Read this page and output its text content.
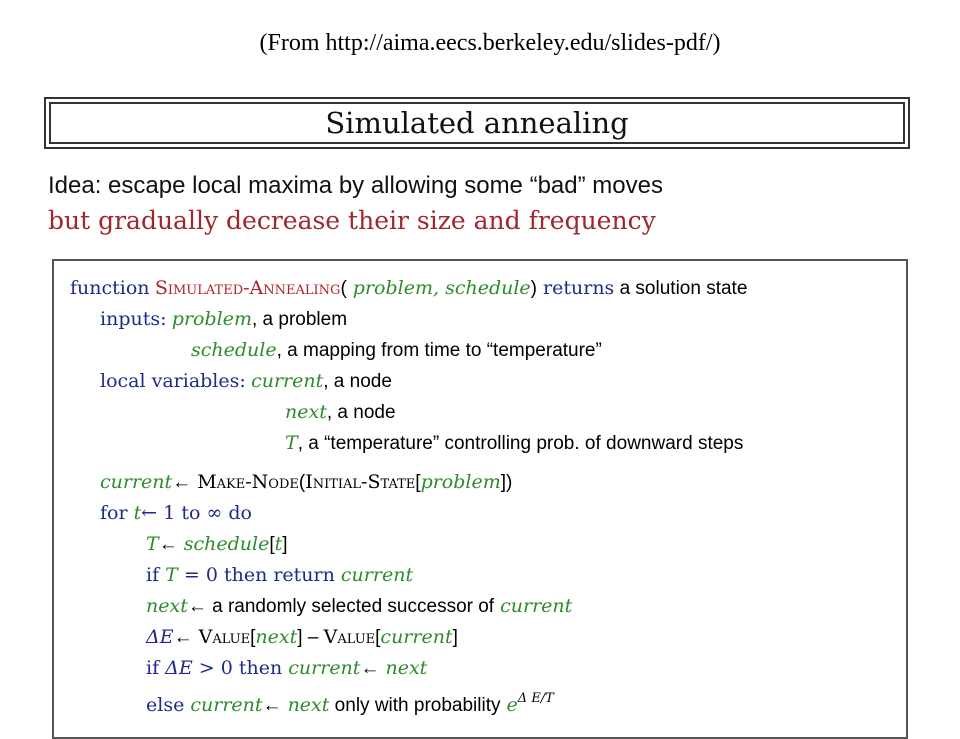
(From http://aima.eecs.berkeley.edu/slides-pdf/)
Simulated annealing
Idea: escape local maxima by allowing some “bad” moves
but gradually decrease their size and frequency
function Simulated-Annealing( problem, schedule) returns a solution state
inputs: problem, a problem
schedule, a mapping from time to “temperature”
local variables: current, a node
next, a node
T, a “temperature” controlling prob. of downward steps
current← Make-Node(Initial-State[problem])
for t← 1 to ∞ do
T← schedule[t]
if T = 0 then return current
next← a randomly selected successor of current
ΔE← Value[next] – Value[current]
if ΔE > 0 then current← next
else current← next only with probability $e^{\Delta E/T}$
